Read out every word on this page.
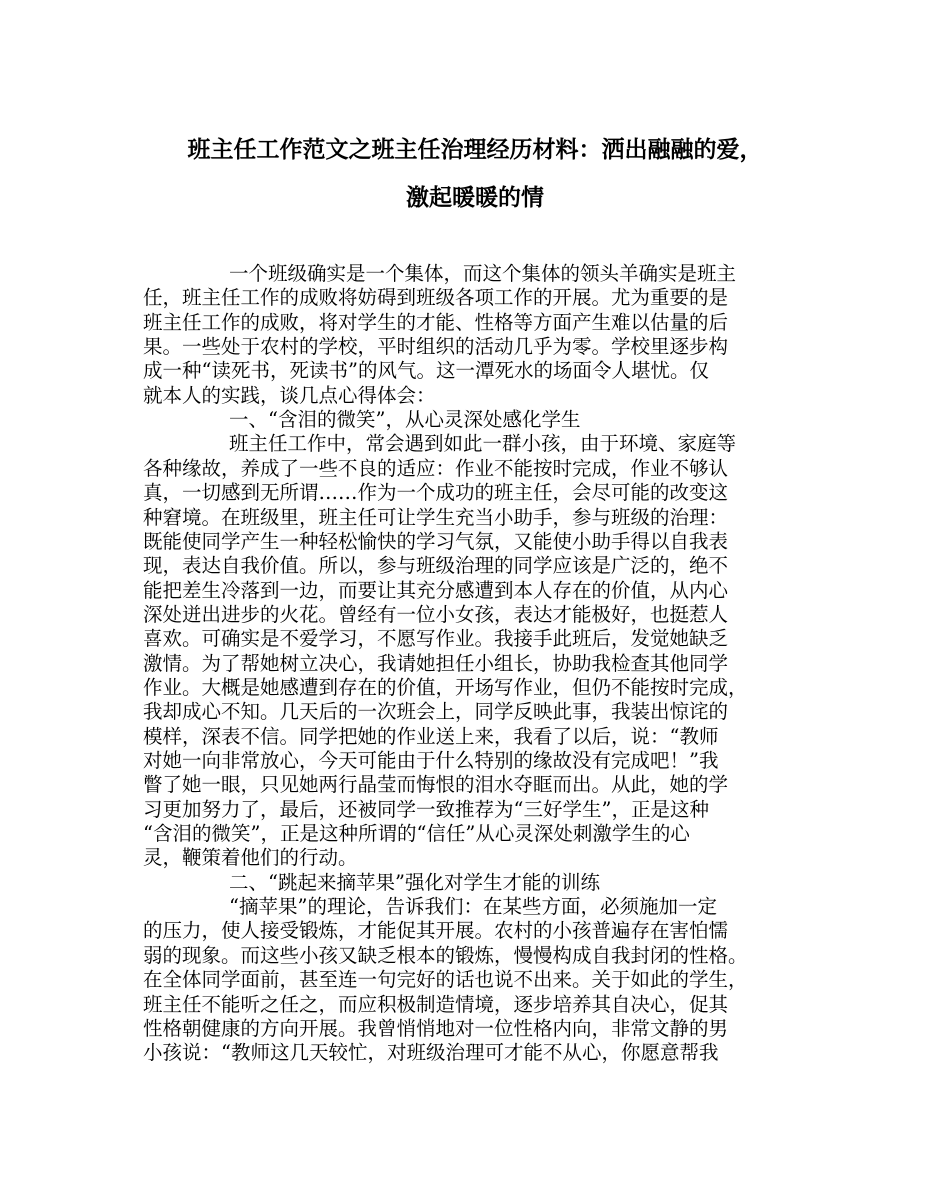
班主任工作范文之班主任治理经历材料：洒出融融的爱，
激起暖暖的情
一个班级确实是一个集体，而这个集体的领头羊确实是班主
任，班主任工作的成败将妨碍到班级各项工作的开展。尤为重要的是
班主任工作的成败，将对学生的才能、性格等方面产生难以估量的后
果。一些处于农村的学校，平时组织的活动几乎为零。学校里逐步构
成一种“读死书，死读书”的风气。这一潭死水的场面令人堪忧。仅
就本人的实践，谈几点心得体会：
一、“含泪的微笑”，从心灵深处感化学生
班主任工作中，常会遇到如此一群小孩，由于环境、家庭等
各种缘故，养成了一些不良的适应：作业不能按时完成，作业不够认
真，一切感到无所谓……作为一个成功的班主任，会尽可能的改变这
种窘境。在班级里，班主任可让学生充当小助手，参与班级的治理：
既能使同学产生一种轻松愉快的学习气氛，又能使小助手得以自我表
现，表达自我价值。所以，参与班级治理的同学应该是广泛的，绝不
能把差生冷落到一边，而要让其充分感遭到本人存在的价值，从内心
深处迸出进步的火花。曾经有一位小女孩，表达才能极好，也挺惹人
喜欢。可确实是不爱学习，不愿写作业。我接手此班后，发觉她缺乏
激情。为了帮她树立决心，我请她担任小组长，协助我检查其他同学
作业。大概是她感遭到存在的价值，开场写作业，但仍不能按时完成，
我却成心不知。几天后的一次班会上，同学反映此事，我装出惊诧的
模样，深表不信。同学把她的作业送上来，我看了以后，说：“教师
对她一向非常放心，今天可能由于什么特别的缘故没有完成吧！”我
瞥了她一眼，只见她两行晶莹而悔恨的泪水夺眶而出。从此，她的学
习更加努力了，最后，还被同学一致推荐为“三好学生”，正是这种
“含泪的微笑”，正是这种所谓的“信任”从心灵深处刺激学生的心
灵，鞭策着他们的行动。
二、“跳起来摘苹果”强化对学生才能的训练
“摘苹果”的理论，告诉我们：在某些方面，必须施加一定
的压力，使人接受锻炼，才能促其开展。农村的小孩普遍存在害怕懦
弱的现象。而这些小孩又缺乏根本的锻炼，慢慢构成自我封闭的性格。
在全体同学面前，甚至连一句完好的话也说不出来。关于如此的学生，
班主任不能听之任之，而应积极制造情境，逐步培养其自决心，促其
性格朝健康的方向开展。我曾悄悄地对一位性格内向，非常文静的男
小孩说：“教师这几天较忙，对班级治理可才能不从心，你愿意帮我
